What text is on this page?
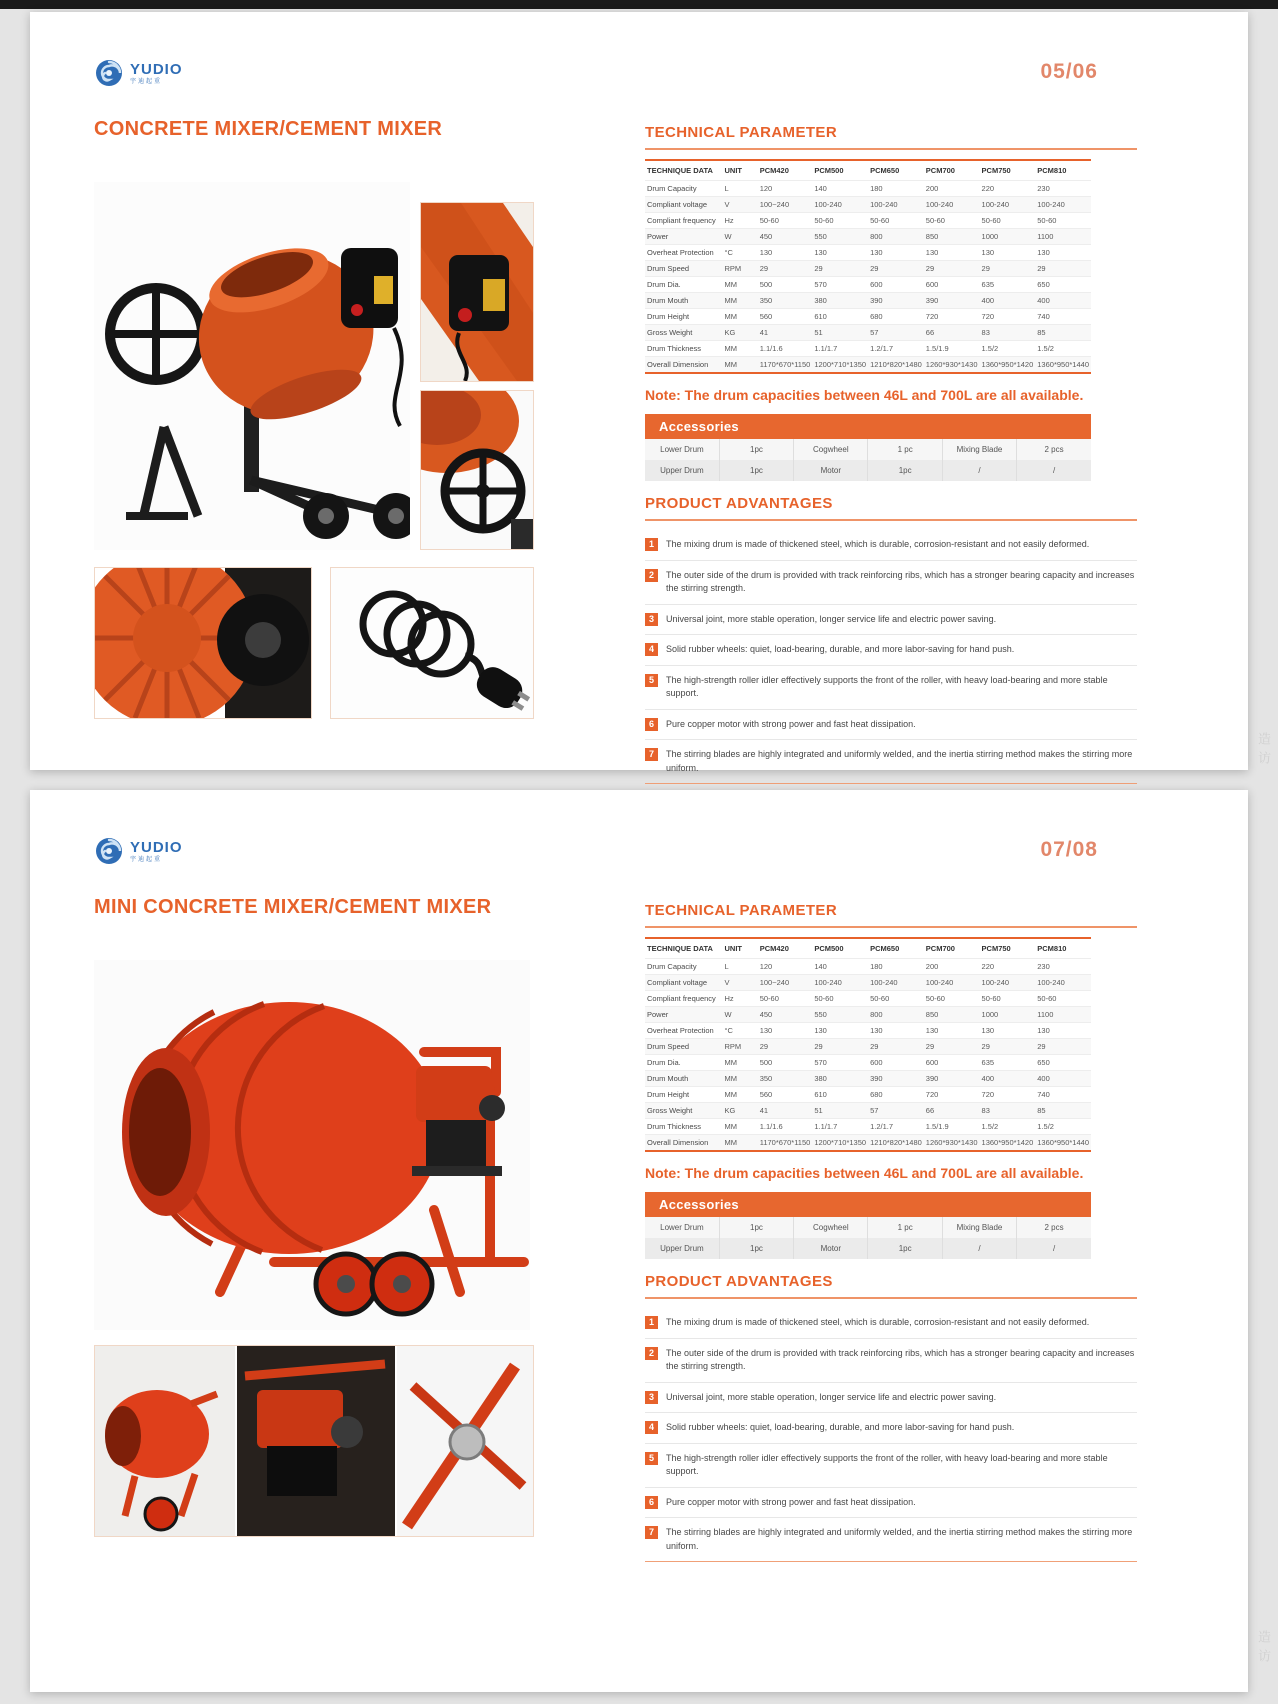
YUDIO
宇迪起重	05/06
CONCRETE MIXER/CEMENT MIXER	TECHNICAL PARAMETER
TECHNIQUE DATA	UNIT	PCM420	PCM500	PCM650	PCM700	PCM750	PCM810
Drum Capacity	L	120	140	180	200	220	230
Compliant voltage	V	100~240	100-240	100-240	100-240	100-240	100-240
Compliant frequency	Hz	50-60	50-60	50-60	50-60	50-60	50-60
Power	W	450	550	800	850	1000	1100
Overheat Protection	°C	130	130	130	130	130	130
Drum Speed	RPM	29	29	29	29	29	29
Drum Dia.	MM	500	570	600	600	635	650
Drum Mouth	MM	350	380	390	390	400	400
Drum Height	MM	560	610	680	720	720	740
Gross Weight	KG	41	51	57	66	83	85
Drum Thickness	MM	1.1/1.6	1.1/1.7	1.2/1.7	1.5/1.9	1.5/2	1.5/2
Overall Dimension	MM	1170*670*1150	1200*710*1350	1210*820*1480	1260*930*1430	1360*950*1420	1360*950*1440
Note: The drum capacities between 46L and 700L are all available.
Accessories
Lower Drum	1pc	Cogwheel	1 pc	Mixing Blade	2 pcs
Upper Drum	1pc	Motor	1pc	/	/
PRODUCT ADVANTAGES
1	The mixing drum is made of thickened steel, which is durable, corrosion-resistant and not easily deformed.
2	The outer side of the drum is provided with track reinforcing ribs, which has a stronger bearing capacity and increases the stirring strength.
3	Universal joint, more stable operation, longer service life and electric power saving.
4	Solid rubber wheels: quiet, load-bearing, durable, and more labor-saving for hand push.
5	The high-strength roller idler effectively supports the front of the roller, with heavy load-bearing and more stable support.
6	Pure copper motor with strong power and fast heat dissipation.
7	The stirring blades are highly integrated and uniformly welded, and the inertia stirring method makes the stirring more uniform.
YUDIO
宇迪起重	07/08
MINI CONCRETE MIXER/CEMENT MIXER	TECHNICAL PARAMETER
TECHNIQUE DATA	UNIT	PCM420	PCM500	PCM650	PCM700	PCM750	PCM810
Drum Capacity	L	120	140	180	200	220	230
Compliant voltage	V	100~240	100-240	100-240	100-240	100-240	100-240
Compliant frequency	Hz	50-60	50-60	50-60	50-60	50-60	50-60
Power	W	450	550	800	850	1000	1100
Overheat Protection	°C	130	130	130	130	130	130
Drum Speed	RPM	29	29	29	29	29	29
Drum Dia.	MM	500	570	600	600	635	650
Drum Mouth	MM	350	380	390	390	400	400
Drum Height	MM	560	610	680	720	720	740
Gross Weight	KG	41	51	57	66	83	85
Drum Thickness	MM	1.1/1.6	1.1/1.7	1.2/1.7	1.5/1.9	1.5/2	1.5/2
Overall Dimension	MM	1170*670*1150	1200*710*1350	1210*820*1480	1260*930*1430	1360*950*1420	1360*950*1440
Note: The drum capacities between 46L and 700L are all available.
Accessories
Lower Drum	1pc	Cogwheel	1 pc	Mixing Blade	2 pcs
Upper Drum	1pc	Motor	1pc	/	/
PRODUCT ADVANTAGES
1	The mixing drum is made of thickened steel, which is durable, corrosion-resistant and not easily deformed.
2	The outer side of the drum is provided with track reinforcing ribs, which has a stronger bearing capacity and increases the stirring strength.
3	Universal joint, more stable operation, longer service life and electric power saving.
4	Solid rubber wheels: quiet, load-bearing, durable, and more labor-saving for hand push.
5	The high-strength roller idler effectively supports the front of the roller, with heavy load-bearing and more stable support.
6	Pure copper motor with strong power and fast heat dissipation.
7	The stirring blades are highly integrated and uniformly welded, and the inertia stirring method makes the stirring more uniform.
造访
造访
